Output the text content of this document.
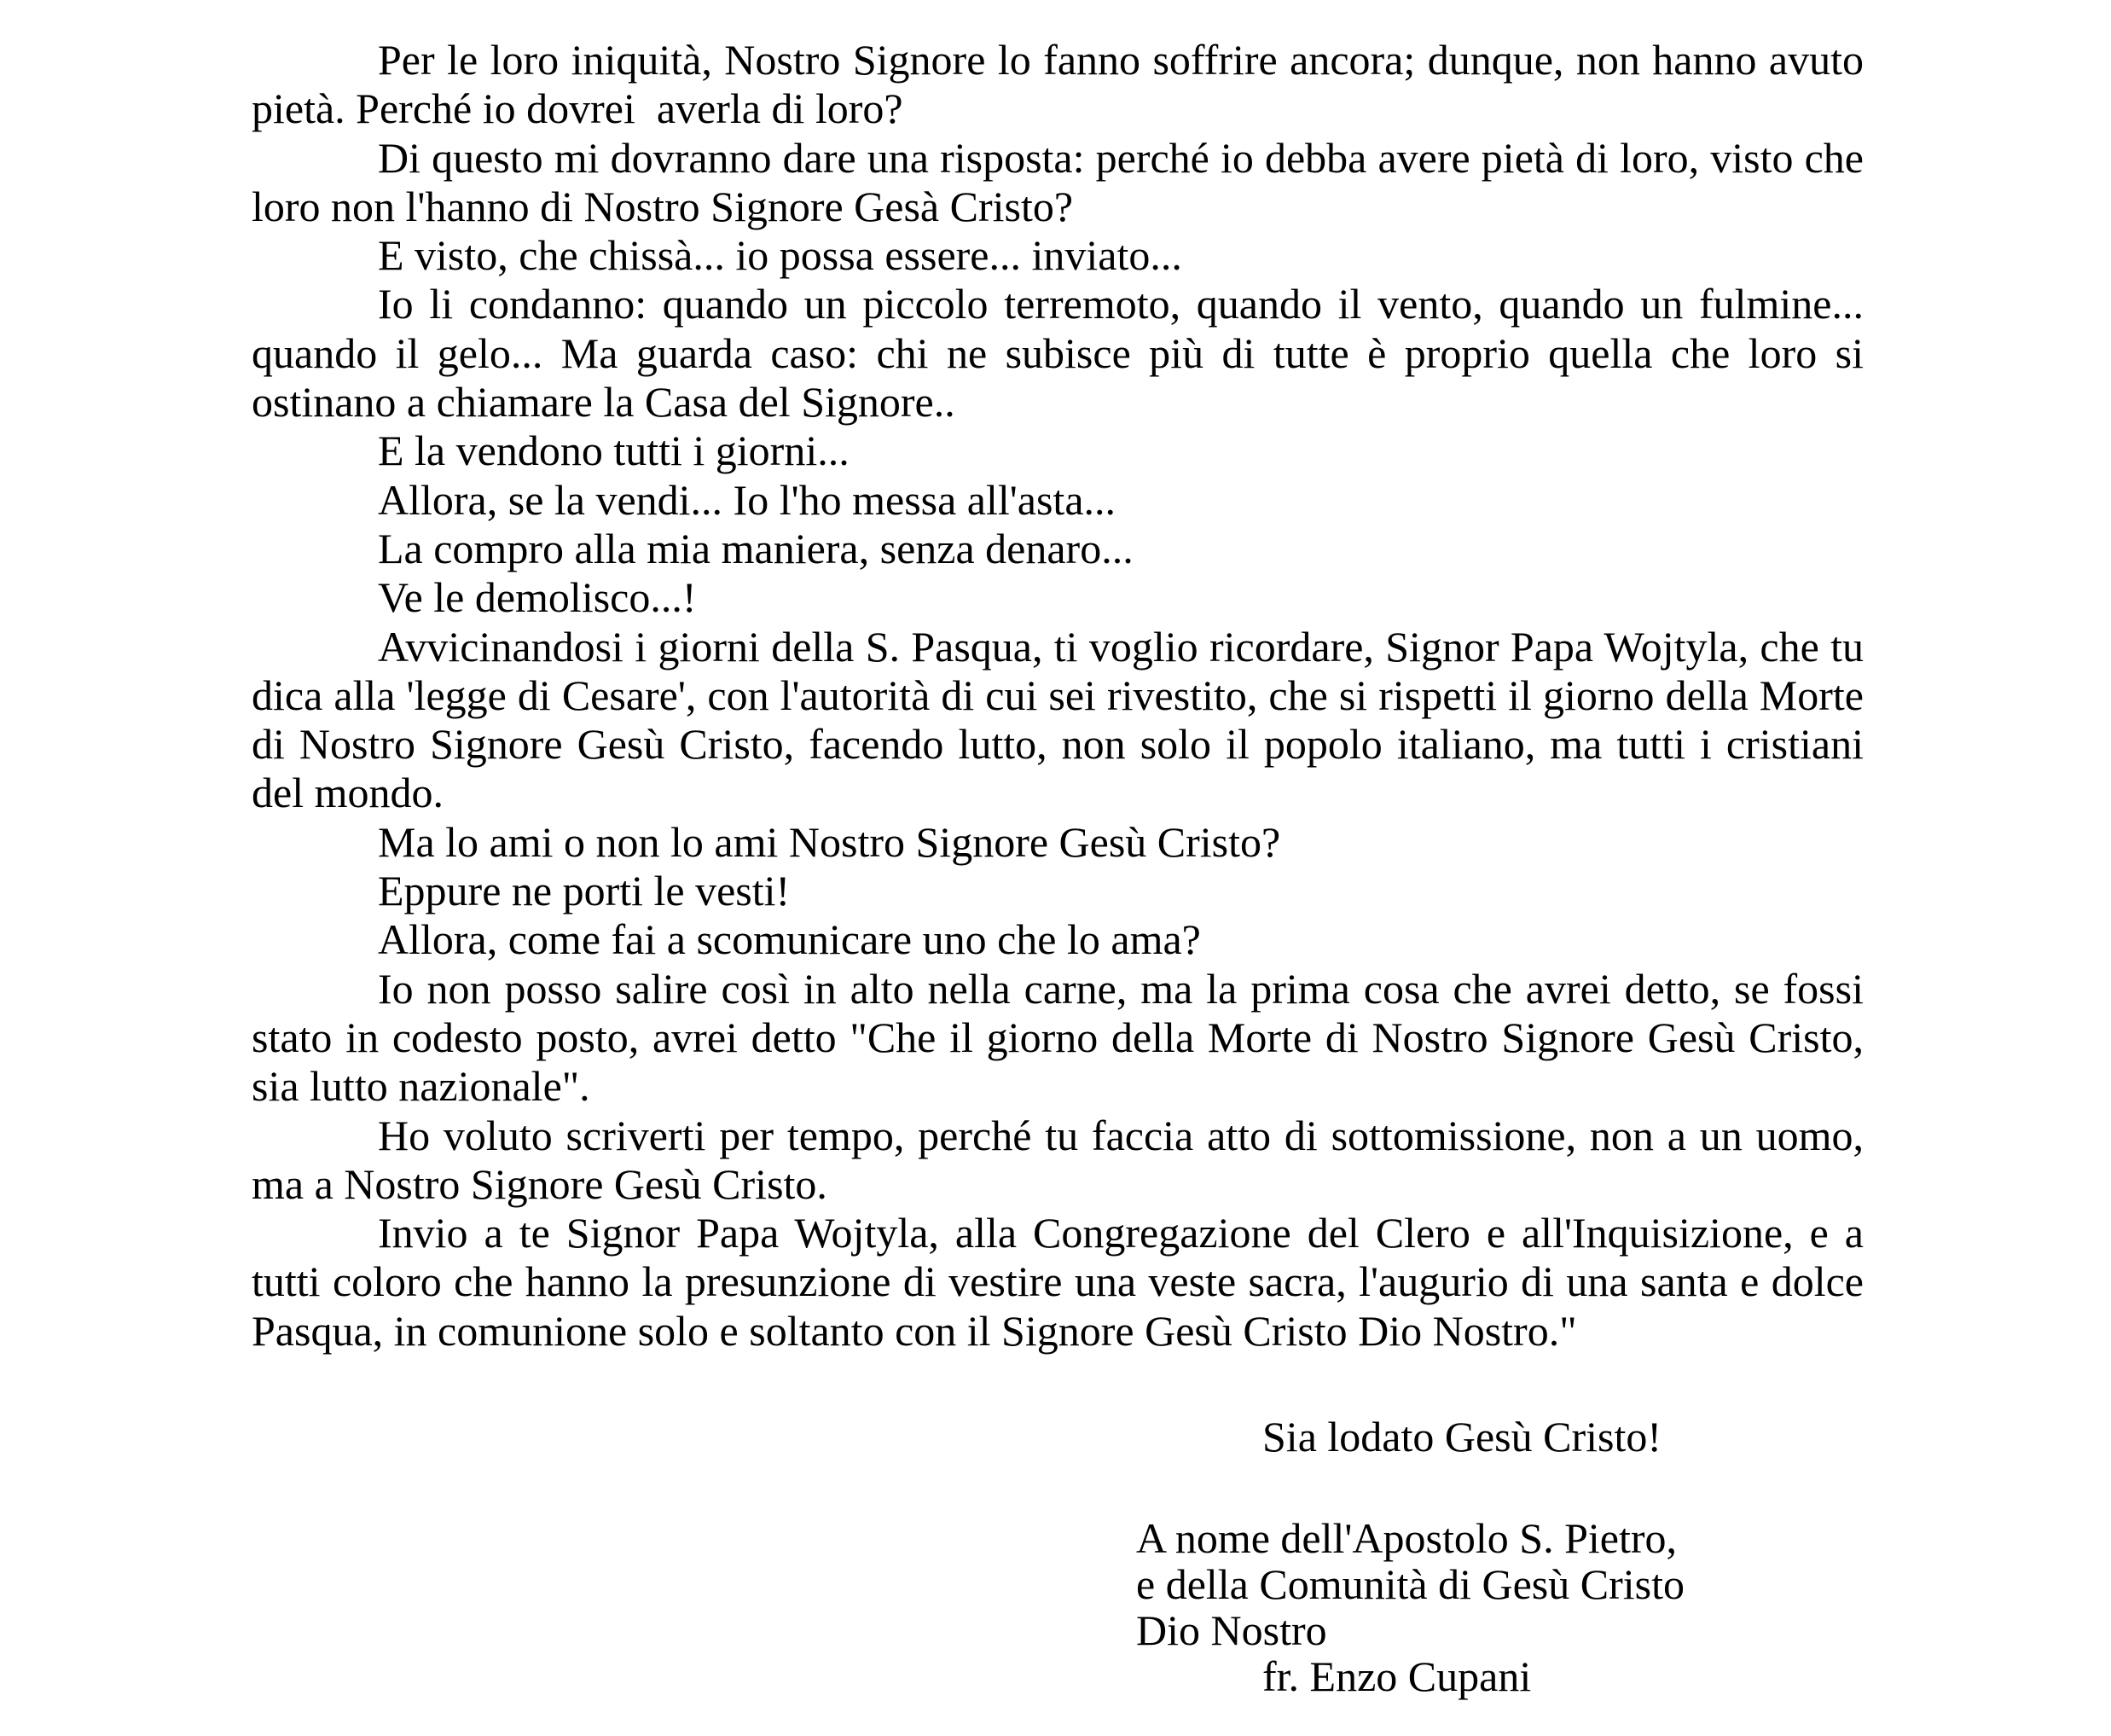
Per le loro iniquità, Nostro Signore lo fanno soffrire ancora; dunque, non hanno avuto pietà. Perché io dovrei  averla di loro?

Di questo mi dovranno dare una risposta: perché io debba avere pietà di loro, visto che loro non l'hanno di Nostro Signore Gesà Cristo?

E visto, che chissà... io possa essere... inviato...

Io li condanno: quando un piccolo terremoto, quando il vento, quando un fulmine... quando il gelo... Ma guarda caso: chi ne subisce più di tutte è proprio quella che loro si ostinano a chiamare la Casa del Signore..

E la vendono tutti i giorni...

Allora, se la vendi... Io l'ho messa all'asta...

La compro alla mia maniera, senza denaro...

Ve le demolisco...!

Avvicinandosi i giorni della S. Pasqua, ti voglio ricordare, Signor Papa Wojtyla, che tu dica alla 'legge di Cesare', con l'autorità di cui sei rivestito, che si rispetti il giorno della Morte di Nostro Signore Gesù Cristo, facendo lutto, non solo il popolo italiano, ma tutti i cristiani del mondo.

Ma lo ami o non lo ami Nostro Signore Gesù Cristo?

Eppure ne porti le vesti!

Allora, come fai a scomunicare uno che lo ama?

Io non posso salire così in alto nella carne, ma la prima cosa che avrei detto, se fossi stato in codesto posto, avrei detto "Che il giorno della Morte di Nostro Signore Gesù Cristo, sia lutto nazionale".

Ho voluto scriverti per tempo, perché tu faccia atto di sottomissione, non a un uomo, ma a Nostro Signore Gesù Cristo.

Invio a te Signor Papa Wojtyla, alla Congregazione del Clero e all'Inquisizione, e a tutti coloro che hanno la presunzione di vestire una veste sacra, l'augurio di una santa e dolce Pasqua, in comunione solo e soltanto con il Signore Gesù Cristo Dio Nostro."

Sia lodato Gesù Cristo!
A nome dell'Apostolo S. Pietro,
e della Comunità di Gesù Cristo
Dio Nostro
fr. Enzo Cupani
